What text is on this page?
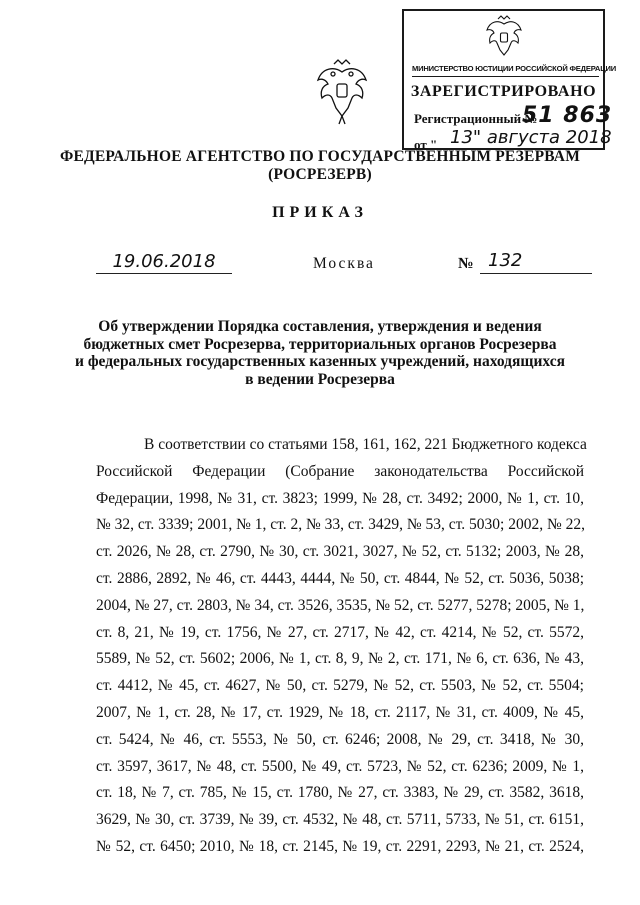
МИНИСТЕРСТВО ЮСТИЦИИ РОССИЙСКОЙ ФЕДЕРАЦИИ
ЗАРЕГИСТРИРОВАНО
Регистрационный №
51 863
от " 13" августа 2018
ФЕДЕРАЛЬНОЕ АГЕНТСТВО ПО ГОСУДАРСТВЕННЫМ РЕЗЕРВАМ
(РОСРЕЗЕРВ)
ПРИКАЗ
19.06.2018	Москва	№ 132
Об утверждении Порядка составления, утверждения и ведения
бюджетных смет Росрезерва, территориальных органов Росрезерва
и федеральных государственных казенных учреждений, находящихся
в ведении Росрезерва
В соответствии со статьями 158, 161, 162, 221 Бюджетного кодекса
Российской Федерации (Собрание законодательства Российской
Федерации, 1998, № 31, ст. 3823; 1999, № 28, ст. 3492; 2000, № 1, ст. 10,
№ 32, ст. 3339; 2001, № 1, ст. 2, № 33, ст. 3429, № 53, ст. 5030; 2002, № 22,
ст. 2026, № 28, ст. 2790, № 30, ст. 3021, 3027, № 52, ст. 5132; 2003, № 28,
ст. 2886, 2892, № 46, ст. 4443, 4444, № 50, ст. 4844, № 52, ст. 5036, 5038;
2004, № 27, ст. 2803, № 34, ст. 3526, 3535, № 52, ст. 5277, 5278; 2005, № 1,
ст. 8, 21, № 19, ст. 1756, № 27, ст. 2717, № 42, ст. 4214, № 52, ст. 5572,
5589, № 52, ст. 5602; 2006, № 1, ст. 8, 9, № 2, ст. 171, № 6, ст. 636, № 43,
ст. 4412, № 45, ст. 4627, № 50, ст. 5279, № 52, ст. 5503, № 52, ст. 5504;
2007, № 1, ст. 28, № 17, ст. 1929, № 18, ст. 2117, № 31, ст. 4009, № 45,
ст. 5424, № 46, ст. 5553, № 50, ст. 6246; 2008, № 29, ст. 3418, № 30,
ст. 3597, 3617, № 48, ст. 5500, № 49, ст. 5723, № 52, ст. 6236; 2009, № 1,
ст. 18, № 7, ст. 785, № 15, ст. 1780, № 27, ст. 3383, № 29, ст. 3582, 3618,
3629, № 30, ст. 3739, № 39, ст. 4532, № 48, ст. 5711, 5733, № 51, ст. 6151,
№ 52, ст. 6450; 2010, № 18, ст. 2145, № 19, ст. 2291, 2293, № 21, ст. 2524,
